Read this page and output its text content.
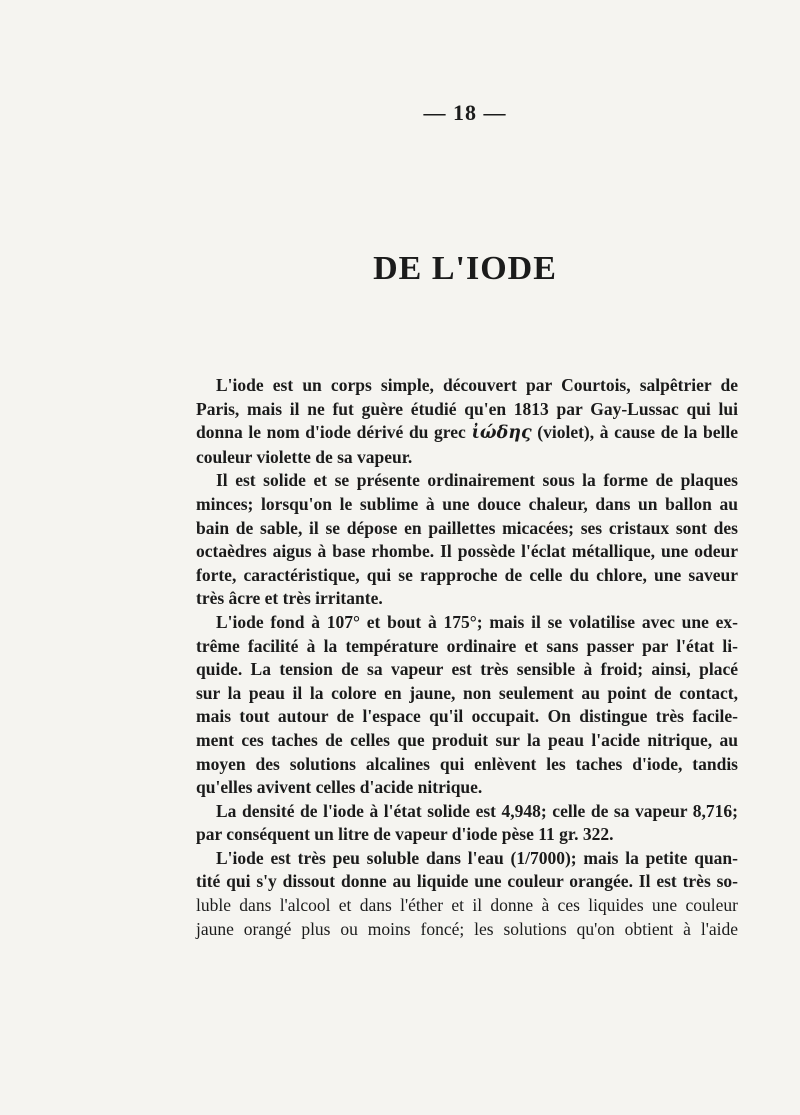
— 18 —
DE L'IODE
L'iode est un corps simple, découvert par Courtois, salpêtrier de
Paris, mais il ne fut guère étudié qu'en 1813 par Gay-Lussac qui lui
donna le nom d'iode dérivé du grec ἰώδης (violet), à cause de la belle
couleur violette de sa vapeur.
Il est solide et se présente ordinairement sous la forme de plaques
minces; lorsqu'on le sublime à une douce chaleur, dans un ballon au
bain de sable, il se dépose en paillettes micacées; ses cristaux sont des
octaèdres aigus à base rhombe. Il possède l'éclat métallique, une odeur
forte, caractéristique, qui se rapproche de celle du chlore, une saveur
très âcre et très irritante.
L'iode fond à 107° et bout à 175°; mais il se volatilise avec une ex-
trême facilité à la température ordinaire et sans passer par l'état li-
quide. La tension de sa vapeur est très sensible à froid; ainsi, placé
sur la peau il la colore en jaune, non seulement au point de contact,
mais tout autour de l'espace qu'il occupait. On distingue très facile-
ment ces taches de celles que produit sur la peau l'acide nitrique, au
moyen des solutions alcalines qui enlèvent les taches d'iode, tandis
qu'elles avivent celles d'acide nitrique.
La densité de l'iode à l'état solide est 4,948; celle de sa vapeur 8,716;
par conséquent un litre de vapeur d'iode pèse 11 gr. 322.
L'iode est très peu soluble dans l'eau (1/7000); mais la petite quan-
tité qui s'y dissout donne au liquide une couleur orangée. Il est très so-
luble dans l'alcool et dans l'éther et il donne à ces liquides une couleur
jaune orangé plus ou moins foncé; les solutions qu'on obtient à l'aide
